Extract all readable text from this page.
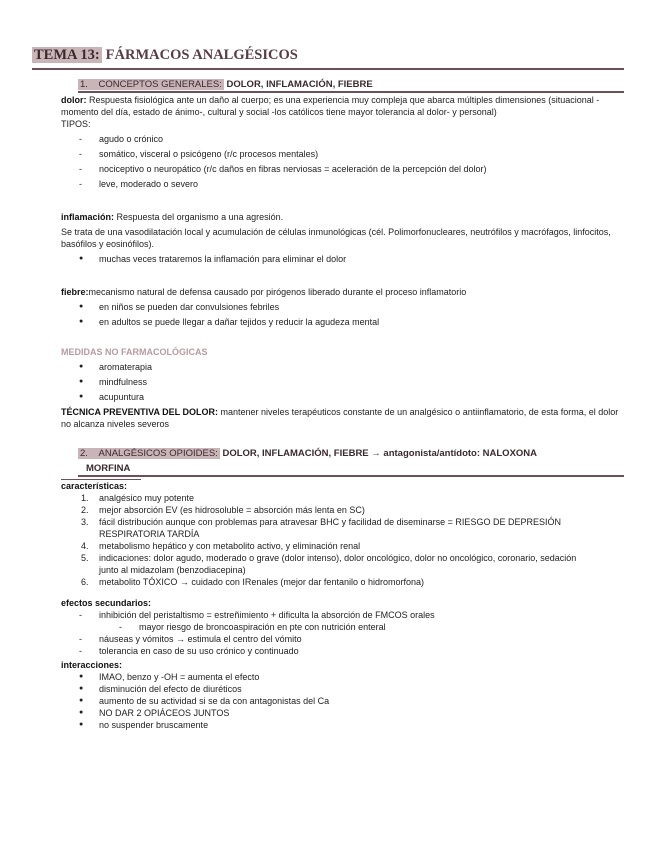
TEMA 13: FÁRMACOS ANALGÉSICOS
1. CONCEPTOS GENERALES: DOLOR, INFLAMACIÓN, FIEBRE

dolor: Respuesta fisiológica ante un daño al cuerpo; es una experiencia muy compleja que abarca múltiples dimensiones (situacional -momento del día, estado de ánimo-, cultural y social -los católicos tiene mayor tolerancia al dolor- y personal)

TIPOS:

- agudo o crónico
- somático, visceral o psicógeno (r/c procesos mentales)
- nociceptivo o neuropático (r/c daños en fibras nerviosas = aceleración de la percepción del dolor)
- leve, moderado o severo

inflamación: Respuesta del organismo a una agresión.

Se trata de una vasodilatación local y acumulación de células inmunológicas (cél. Polimorfonucleares, neutrófilos y macrófagos, linfocitos, basófilos y eosinófilos).

● muchas veces trataremos la inflamación para eliminar el dolor

fiebre:mecanismo natural de defensa causado por pirógenos liberado durante el proceso inflamatorio

● en niños se pueden dar convulsiones febriles
● en adultos se puede llegar a dañar tejidos y reducir la agudeza mental

MEDIDAS NO FARMACOLÓGICAS

● aromaterapia
● mindfulness
● acupuntura

TÉCNICA PREVENTIVA DEL DOLOR: mantener niveles terapéuticos constante de un analgésico o antiinflamatorio, de esta forma, el dolor no alcanza niveles severos

2. ANALGÉSICOS OPIOIDES: DOLOR, INFLAMACIÓN, FIEBRE → antagonista/antídoto: NALOXONA
MORFINA

características:

1. analgésico muy potente
2. mejor absorción EV (es hidrosoluble = absorción más lenta en SC)
3. fácil distribución aunque con problemas para atravesar BHC y facilidad de diseminarse = RIESGO DE DEPRESIÓN RESPIRATORIA TARDÍA
4. metabolismo hepático y con metabolito activo, y eliminación renal
5. indicaciones: dolor agudo, moderado o grave (dolor intenso), dolor oncológico, dolor no oncológico, coronario, sedación junto al midazolam (benzodiacepina)
6. metabolito TÓXICO → cuidado con IRenales (mejor dar fentanilo o hidromorfona)

efectos secundarios:

- inhibición del peristaltismo = estreñimiento + dificulta la absorción de FMCOS orales
- mayor riesgo de broncoaspiración en pte con nutrición enteral
- náuseas y vómitos → estimula el centro del vómito
- tolerancia en caso de su uso crónico y continuado

interacciones:

● IMAO, benzo y -OH = aumenta el efecto
● disminución del efecto de diuréticos
● aumento de su actividad si se da con antagonistas del Ca
● NO DAR 2 OPIÁCEOS JUNTOS
● no suspender bruscamente
